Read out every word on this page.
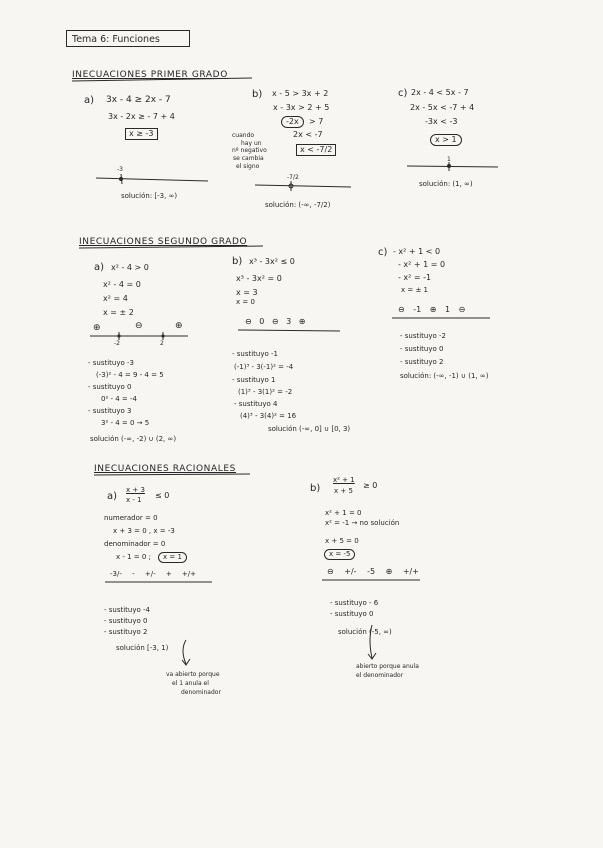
Tema 6: Funciones
INECUACIONES PRIMER GRADO
a) 3x - 4 ≥ 2x - 7
3x - 2x ≥ - 7 + 4
x ≥ -3
-3
solución: [-3, ∞)
b) x - 5 > 3x + 2
x - 3x > 2 + 5
-2x	> 7
2x < -7
x < -7/2
cuando
hay un
nº negativo
se cambia
el signo
-7/2
solución: (-∞, -7/2)
c) 2x - 4 < 5x - 7
2x - 5x < -7 + 4
-3x < -3
x > 1
1
solución: (1, ∞)
INECUACIONES SEGUNDO GRADO
a) x² - 4 > 0
x² - 4 = 0
x² = 4
x = ± 2
⊕	⊖	⊕
-2	2
- sustituyo -3
(-3)² - 4 = 9 - 4 = 5
- sustituyo 0
0² - 4 = -4
- sustituyo 3
3² - 4 = 0 → 5
solución (-∞, -2) ∪ (2, ∞)
b) x³ - 3x² ≤ 0
x³ - 3x² = 0
x = 3
x = 0
⊖ 0 ⊖ 3 ⊕
- sustituyo -1
(-1)³ - 3(-1)² = -4
- sustituyo 1
(1)³ - 3(1)² = -2
- sustituyo 4
(4)³ - 3(4)² = 16
solución (-∞, 0] ∪ [0, 3)
c) - x² + 1 < 0
- x² + 1 = 0
- x² = -1
x = ± 1
⊖ -1 ⊕ 1 ⊖
- sustituyo -2
- sustituyo 0
- sustituyo 2
solución: (-∞, -1) ∪ (1, ∞)
INECUACIONES RACIONALES
a)
x + 3
x - 1 ≤ 0
numerador = 0
x + 3 = 0 , x = -3
denominador = 0
x - 1 = 0 ;	x = 1
-3/- - +/- + +/+
- sustituyo -4
- sustituyo 0
- sustituyo 2
solución [-3, 1)
va abierto porque
el 1 anula el
denominador
b)
x² + 1
x + 5
≥ 0
x² + 1 = 0
x² = -1 → no solución
x + 5 = 0
x = -5
⊖ +/- -5 ⊕ +/+
- sustituyo - 6
- sustituyo 0
solución (-5, ∞)
abierto porque anula
el denominador
